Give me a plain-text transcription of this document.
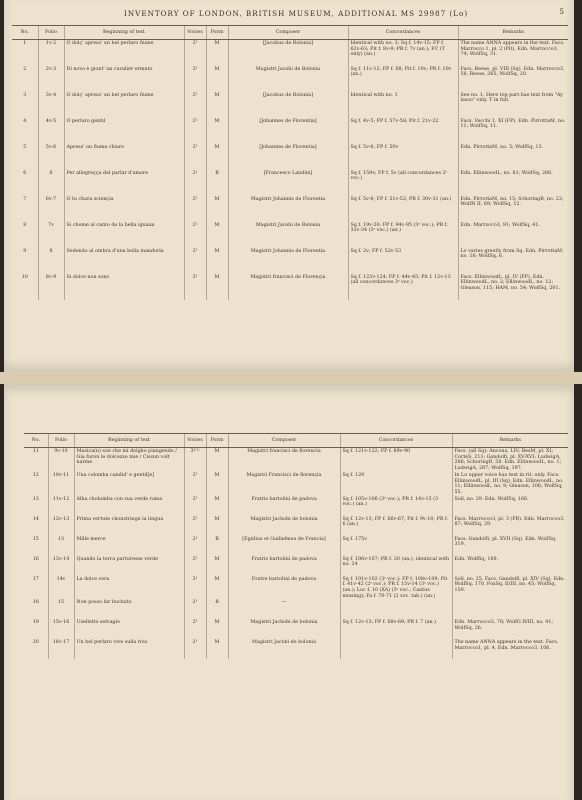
INVENTORY OF LONDON, BRITISH MUSEUM, ADDITIONAL MS 29987 (Lo)	5
No.	Folio	Beginning of text	Voices	Form	Composer	Concordances	Remarks
1	1v-2	O dolç' apress' un bel perlaro fiume	2²	M	[Jacobus de Bolonia]	Identical with no. 3; Sq f. 14v-15; FP f. 62v-63; Pit f. 8v-9; PR f. 7v (an.); FC (T only) (an.)	The name ANNA appears in the text. Facs. Marrocco 1, pl. 2 (Pit). Edn. Marrocco3, 74; WolfSq, 31.
2	2v-3	Di novo è giont' un cavalier ermnto	2²	M	Magistri Jacobi de Bolonia	Sq f. 11v-12; FP f. 68; Pit f. 10v; PR f. 10v (an.)	Facs. Reese, pl. VIII (Sq). Edn. Marrocco3, 56. Reese, 365; WolfSq, 20.
3	3v-4	O dolç' apress' un bel perlaro fiume	2²	M	[Jacobus de Bolonia]	Identical with no. 1	See no. 1. Here top part has text from "Ay lasso" only. T in full.
4	4v-5	O perlaro gentil	2²	M	[Johannes de Florentia]	Sq f. 4v-5; FP f. 57v-58; Pit f. 21v-22	Facs. Vecchi 1, XI (FP). Edn. PirrottaM, no. 11; WolfSq, 11.
5	5v-6	Apress' un fiume chiaro	2²	M	[Johannes de Florentia]	Sq f. 5v-6; FP f. 50v	Edn. PirrottaM, no. 5; WolfSq, 13.
6	6	Per allegreçça del parlar d'amore	2¹	B	[Francesco Landini]	Sq f. 159v; FP f. 5v (all concordances 2ˢ voc.)	Edn. EllinwoodL, no. 81; WolfSq, 286.
7	6v-7	O tu chara sciençia	2²	M	Magistri Johannis de Florentia	Sq f. 5v-6; FP f. 51v-52; PR f. 30v-31 (an.)	Edn. PirrottaM, no. 15; SchoringB, no. 22; WolfN II, 69; WolfSq, 12.
8	7v	Si chome al canto de la bella iguana	2²	M	Magistri Jacobi de Bolonia	Sq f. 19v-20; FP f. 94v-95 (3ˢ voc.); PR f. 33v-34 (3ˢ voc.) (an.)	Edn. Marrocco3, 91; WolfSq, 41.
9	8	Sedendo al ombra d'una bella mandorla	2²	M	Magistri Johannis de Florentia	Sq f. 2v; FP f. 52v-53	Lo varies greatly from Sq. Edn. PirrottaM, no. 16; WolfSq, 6.
10	8v-9	Si dolce non sono	3²	M	Magistri francisci de Florençia	Sq f. 123v-124; FP f. 44v-45; Pit f. 12v-13 (all concordances 3ˢ voc.)	Facs. EllinwoodL, pl. IV (FP). Edn. EllinwoodL, no. 2; EllinwoodL, no. 12; Gleason, 115; HAM, no. 54; WolfSq, 201.
No.	Folio	Beginning of text	Voices	Form	Composer	Concordances	Remarks
11	9v-10	Musica(n) son che mi dolgho piangendo / Gia furon le dolcezze mie / Cissun volt narme	3²⁽¹⁾	M	Magistri francisci de florencia	Sq f. 121v-122; FP f. 89v-90	Facs. (all Sq): Ancona, LIV; BesM, pl. XI; CorteS, 213; Gandolfi, pl. XV-XVI; LudwigA, 286; SchoringB, 58. Edn. EllinwoodL, no. 1; LudwigA, 287; WolfSq, 197.
12	10v-11	Una colomba candid' e gentil[e]	2²	M	Magistri Francisci de florençia	Sq f. 129	In Lo upper voice has text in rit. only. Facs. EllinwoodL, pl. III (Sq). Edn. EllinwoodL, no. 11; EllinwoodL, no. 9; Gleason, 106; WolfSq, 55.
13	11v-12	Alba cholumba con sua verde rama	2²	M	Fratris bartolini de padova	Sq f. 105v-106 (3ˢ voc.); PR f. 14v-15 (3 voc.) (an.)	Soll, no. 29. Edn. WolfSq, 166.
14	12v-13	Prima vertute chonstringe la lingua	2²	M	Magistri Jachobi de bolonia	Sq f. 12v-13; FP f. 66v-67; Pit f. 9v-10; PR f. 6 (an.)	Facs. Marrocco3, pl. 3 (PR). Edn. Marrocco3, 87; WolfSq, 29.
15	13	Mille merce	2¹	B	[Egidius et Guilielmus de Francia]	Sq f. 175v	Facs. Gandolfi, pl. XVII (Sq). Edn. WolfSq, 319.
16	13v-14	Quando la terra parturesse verde	2²	M	Fratris bartolini de padova	Sq f. 106v-107; PR f. 20 (an.); identical with no. 24	Edn. WolfSq, 169.
17	14v	La dolce cera	3¹	M	Fratre bartolini de padova	Sq f. 101v-102 (3ˢ voc.); FP f. 108v-109; Pit f. 41v-42 (2ˢ voc.); PR f. 15v-14 (3ˢ voc.) (an.); Luc f. 10 (XA) (3ˢ voc.; Cantus missing); Fa f. 70-71 (2 voc. tab.) (an.)	Soll, no. 25. Facs. Gandolfi, pl. XIV (Sq). Edn. WolfSq, 170. FoxSq, II/III, no. 45; WolfSq, 159.
18	15	Non posso far buchato	2¹	B	—		
19	15v-16	Uselletto selvagio	2²	M	Magistri Jachobi de bolonia	Sq f. 12v-13; FP f. 68v-69; PR f. 7 (an.)	Edn. Marrocco3, 78; WolfG II/III, no. 41; WolfSq, 26.
20	16v-17	Un bel perlaro vive sulla riva	2¹	M	Magistri Jacobi de bolonia		The name ANNA appears in the text. Facs. Marrocco1, pl. 4. Edn. Marrocco3, 106.
